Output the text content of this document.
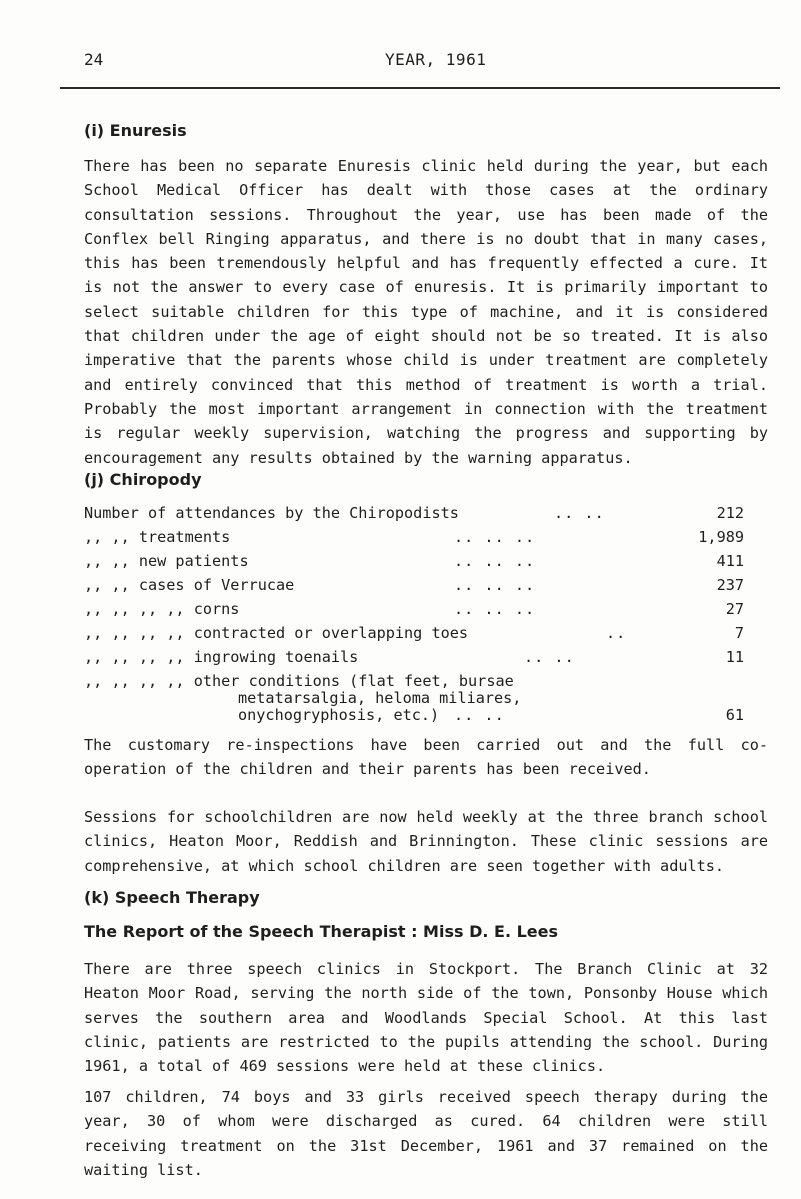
24	YEAR, 1961
(i) Enuresis

There has been no separate Enuresis clinic held during the year, but each School Medical Officer has dealt with those cases at the ordinary consultation sessions. Throughout the year, use has been made of the Conflex bell Ringing apparatus, and there is no doubt that in many cases, this has been tremendously helpful and has frequently effected a cure. It is not the answer to every case of enuresis. It is primarily important to select suitable children for this type of machine, and it is considered that children under the age of eight should not be so treated. It is also imperative that the parents whose child is under treatment are completely and entirely convinced that this method of treatment is worth a trial. Probably the most important arrangement in connection with the treatment is regular weekly supervision, watching the progress and supporting by encouragement any results obtained by the warning apparatus.

(j) Chiropody
Number of attendances by the Chiropodists	.. ..	212
,, ,, treatments	.. .. ..	1,989
,, ,, new patients	.. .. ..	411
,, ,, cases of Verrucae	.. .. ..	237
,, ,, ,, ,, corns	.. .. ..	27
,, ,, ,, ,, contracted or overlapping toes	..	7
,, ,, ,, ,, ingrowing toenails	.. ..	11
,, ,, ,, ,, other conditions (flat feet, bursae
metatarsalgia, heloma miliares,
onychogryphosis, etc.) .. ..	61

The customary re-inspections have been carried out and the full co-operation of the children and their parents has been received.

Sessions for schoolchildren are now held weekly at the three branch school clinics, Heaton Moor, Reddish and Brinnington. These clinic sessions are comprehensive, at which school children are seen together with adults.

(k) Speech Therapy
The Report of the Speech Therapist : Miss D. E. Lees

There are three speech clinics in Stockport. The Branch Clinic at 32 Heaton Moor Road, serving the north side of the town, Ponsonby House which serves the southern area and Woodlands Special School. At this last clinic, patients are restricted to the pupils attending the school. During 1961, a total of 469 sessions were held at these clinics.

107 children, 74 boys and 33 girls received speech therapy during the year, 30 of whom were discharged as cured. 64 children were still receiving treatment on the 31st December, 1961 and 37 remained on the waiting list.
